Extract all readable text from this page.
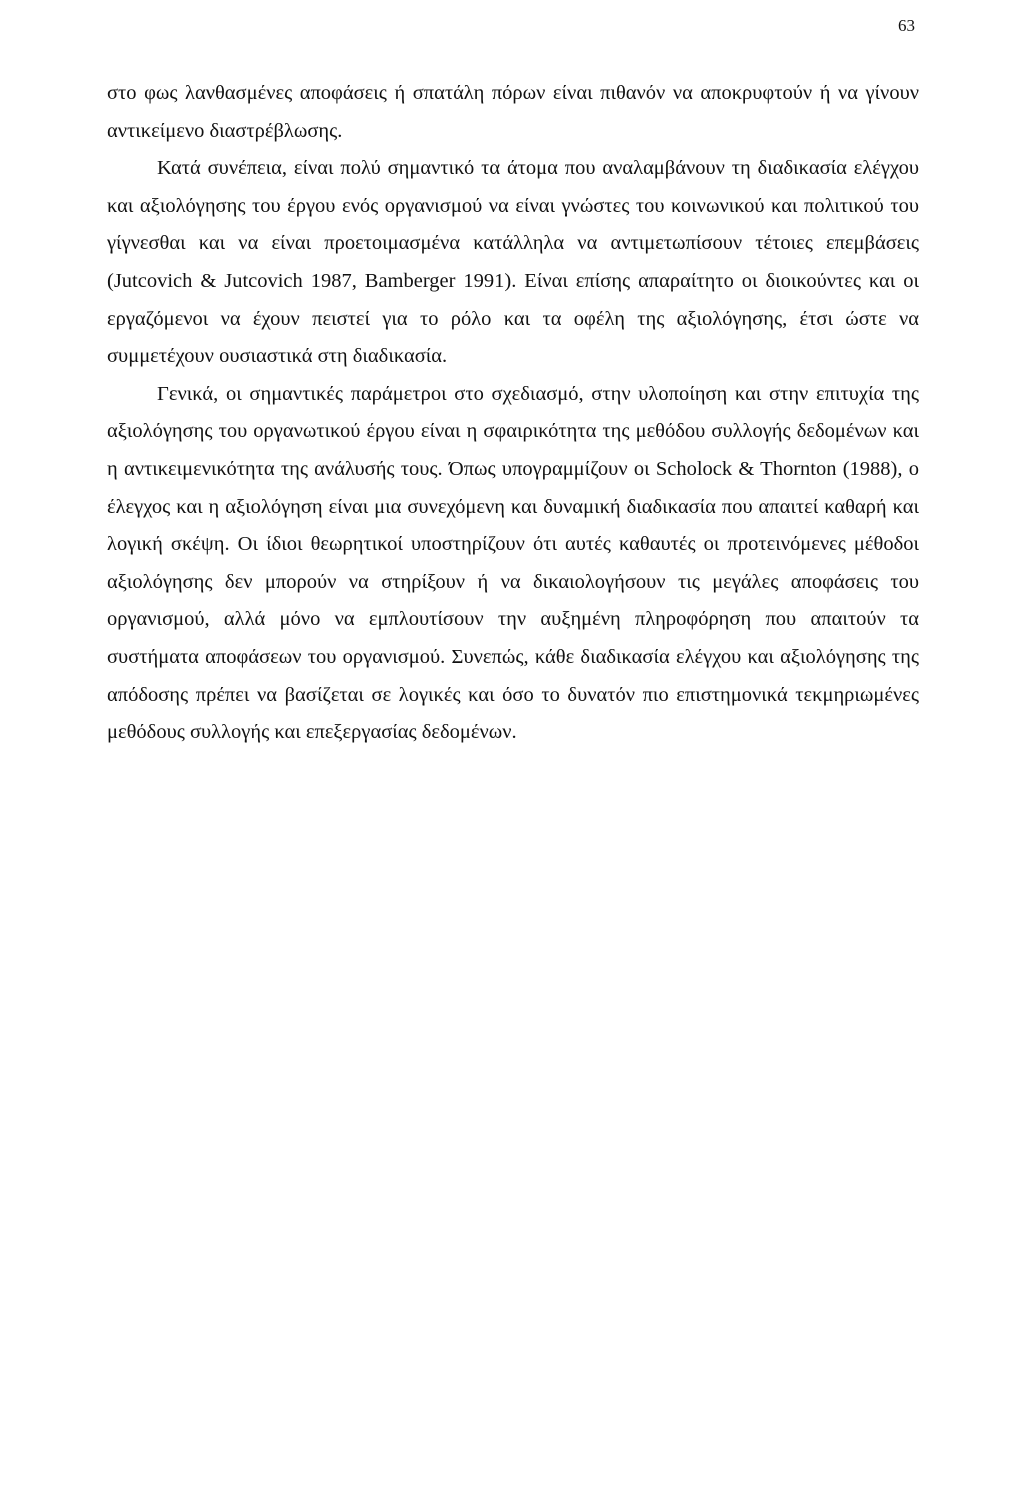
63

στο φως λανθασμένες αποφάσεις ή σπατάλη πόρων είναι πιθανόν να αποκρυφτούν ή να γίνουν αντικείμενο διαστρέβλωσης.

Κατά συνέπεια, είναι πολύ σημαντικό τα άτομα που αναλαμβάνουν τη διαδικασία ελέγχου και αξιολόγησης του έργου ενός οργανισμού να είναι γνώστες του κοινωνικού και πολιτικού του γίγνεσθαι και να είναι προετοιμασμένα κατάλληλα να αντιμετωπίσουν τέτοιες επεμβάσεις (Jutcovich & Jutcovich 1987, Bamberger 1991). Είναι επίσης απαραίτητο οι διοικούντες και οι εργαζόμενοι να έχουν πειστεί για το ρόλο και τα οφέλη της αξιολόγησης, έτσι ώστε να συμμετέχουν ουσιαστικά στη διαδικασία.

Γενικά, οι σημαντικές παράμετροι στο σχεδιασμό, στην υλοποίηση και στην επιτυχία της αξιολόγησης του οργανωτικού έργου είναι η σφαιρικότητα της μεθόδου συλλογής δεδομένων και η αντικειμενικότητα της ανάλυσής τους. Όπως υπογραμμίζουν οι Scholock & Thornton (1988), ο έλεγχος και η αξιολόγηση είναι μια συνεχόμενη και δυναμική διαδικασία που απαιτεί καθαρή και λογική σκέψη. Οι ίδιοι θεωρητικοί υποστηρίζουν ότι αυτές καθαυτές οι προτεινόμενες μέθοδοι αξιολόγησης δεν μπορούν να στηρίξουν ή να δικαιολογήσουν τις μεγάλες αποφάσεις του οργανισμού, αλλά μόνο να εμπλουτίσουν την αυξημένη πληροφόρηση που απαιτούν τα συστήματα αποφάσεων του οργανισμού. Συνεπώς, κάθε διαδικασία ελέγχου και αξιολόγησης της απόδοσης πρέπει να βασίζεται σε λογικές και όσο το δυνατόν πιο επιστημονικά τεκμηριωμένες μεθόδους συλλογής και επεξεργασίας δεδομένων.
